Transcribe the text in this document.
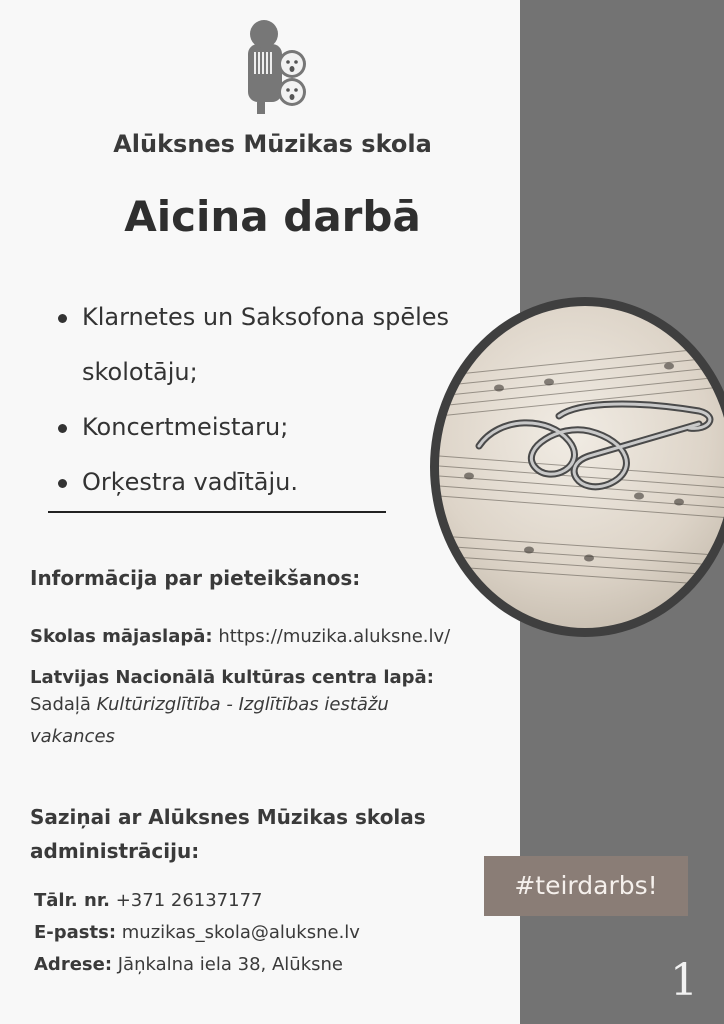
Alūksnes Mūzikas skola
Aicina darbā
Klarnetes un Saksofona spēles skolotāju;
Koncertmeistaru;
Orķestra vadītāju.
Informācija par pieteikšanos:
Skolas mājaslapā: https://muzika.aluksne.lv/
Latvijas Nacionālā kultūras centra lapā:
Sadaļā Kultūrizglītība - Izglītības iestāžu
vakances
Saziņai ar Alūksnes Mūzikas skolas administrāciju:
Tālr. nr. +371 26137177
E-pasts: muzikas_skola@aluksne.lv
Adrese: Jāņkalna iela 38, Alūksne
#teirdarbs!
1
